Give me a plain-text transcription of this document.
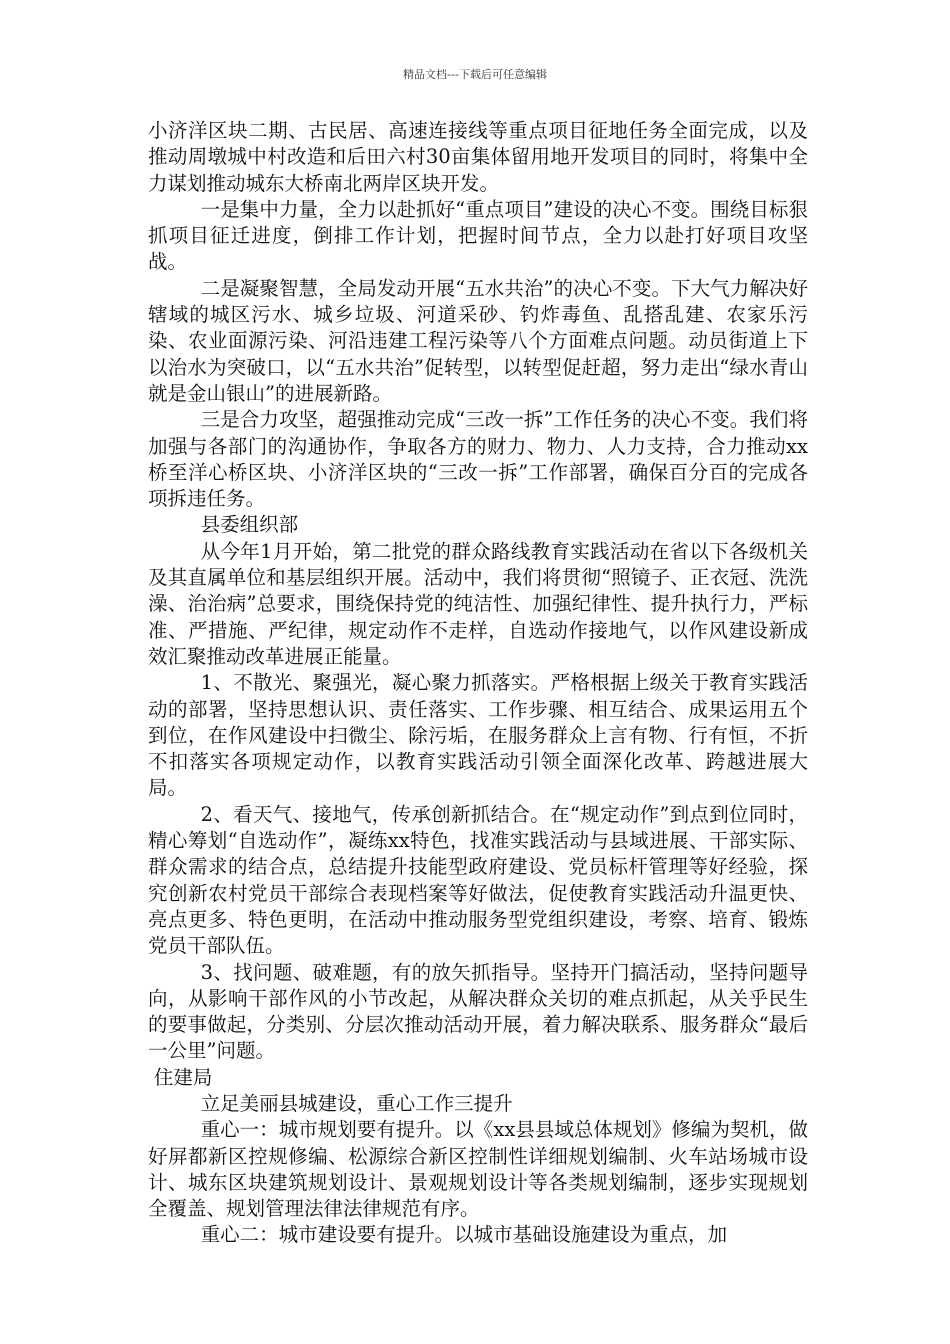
精品文档---下载后可任意编辑

小济洋区块二期、古民居、高速连接线等重点项目征地任务全面完成，以及推动周墩城中村改造和后田六村30亩集体留用地开发项目的同时，将集中全力谋划推动城东大桥南北两岸区块开发。

一是集中力量，全力以赴抓好“重点项目”建设的决心不变。围绕目标狠抓项目征迁进度，倒排工作计划，把握时间节点，全力以赴打好项目攻坚战。

二是凝聚智慧，全局发动开展“五水共治”的决心不变。下大气力解决好辖域的城区污水、城乡垃圾、河道采砂、钓炸毒鱼、乱搭乱建、农家乐污染、农业面源污染、河沿违建工程污染等八个方面难点问题。动员街道上下以治水为突破口，以“五水共治”促转型，以转型促赶超，努力走出“绿水青山就是金山银山”的进展新路。

三是合力攻坚，超强推动完成“三改一拆”工作任务的决心不变。我们将加强与各部门的沟通协作，争取各方的财力、物力、人力支持，合力推动xx桥至洋心桥区块、小济洋区块的“三改一拆”工作部署，确保百分百的完成各项拆违任务。

县委组织部

从今年1月开始，第二批党的群众路线教育实践活动在省以下各级机关及其直属单位和基层组织开展。活动中，我们将贯彻“照镜子、正衣冠、洗洗澡、治治病”总要求，围绕保持党的纯洁性、加强纪律性、提升执行力，严标准、严措施、严纪律，规定动作不走样，自选动作接地气，以作风建设新成效汇聚推动改革进展正能量。

1、不散光、聚强光，凝心聚力抓落实。严格根据上级关于教育实践活动的部署，坚持思想认识、责任落实、工作步骤、相互结合、成果运用五个到位，在作风建设中扫微尘、除污垢，在服务群众上言有物、行有恒，不折不扣落实各项规定动作，以教育实践活动引领全面深化改革、跨越进展大局。

2、看天气、接地气，传承创新抓结合。在“规定动作”到点到位同时，精心筹划“自选动作”，凝练xx特色，找准实践活动与县域进展、干部实际、群众需求的结合点，总结提升技能型政府建设、党员标杆管理等好经验，探究创新农村党员干部综合表现档案等好做法，促使教育实践活动升温更快、亮点更多、特色更明，在活动中推动服务型党组织建设，考察、培育、锻炼党员干部队伍。

3、找问题、破难题，有的放矢抓指导。坚持开门搞活动，坚持问题导向，从影响干部作风的小节改起，从解决群众关切的难点抓起，从关乎民生的要事做起，分类别、分层次推动活动开展，着力解决联系、服务群众“最后一公里”问题。

住建局

立足美丽县城建设，重心工作三提升

重心一：城市规划要有提升。以《xx县县域总体规划》修编为契机，做好屏都新区控规修编、松源综合新区控制性详细规划编制、火车站场城市设计、城东区块建筑规划设计、景观规划设计等各类规划编制，逐步实现规划全覆盖、规划管理法律法律规范有序。

重心二：城市建设要有提升。以城市基础设施建设为重点，加
